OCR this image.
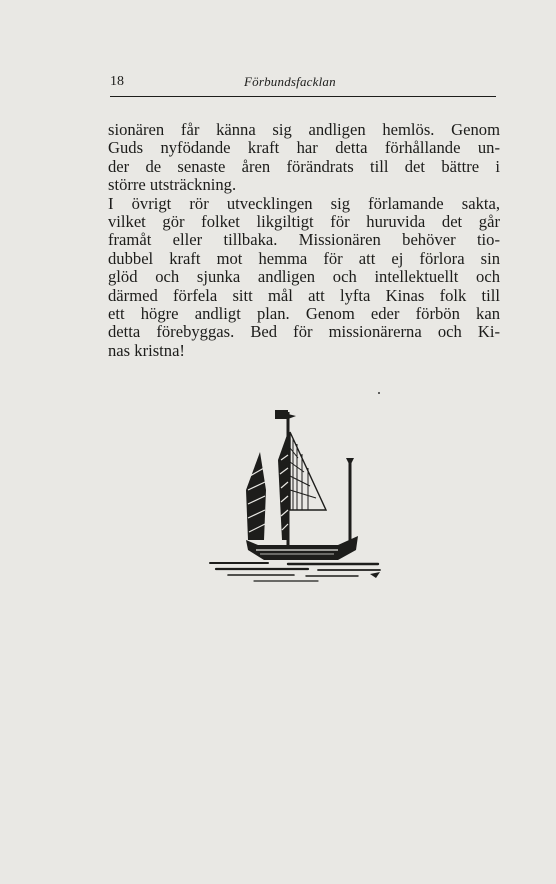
18	Förbundsfacklan
sionären får känna sig andligen hemlös. Genom
Guds nyfödande kraft har detta förhållande un-
der de senaste åren förändrats till det bättre i
större utsträckning.
I övrigt rör utvecklingen sig förlamande sakta,
vilket gör folket likgiltigt för huruvida det går
framåt eller tillbaka. Missionären behöver tio-
dubbel kraft mot hemma för att ej förlora sin
glöd och sjunka andligen och intellektuellt och
därmed förfela sitt mål att lyfta Kinas folk till
ett högre andligt plan. Genom eder förbön kan
detta förebyggas. Bed för missionärerna och Ki-
nas kristna!
